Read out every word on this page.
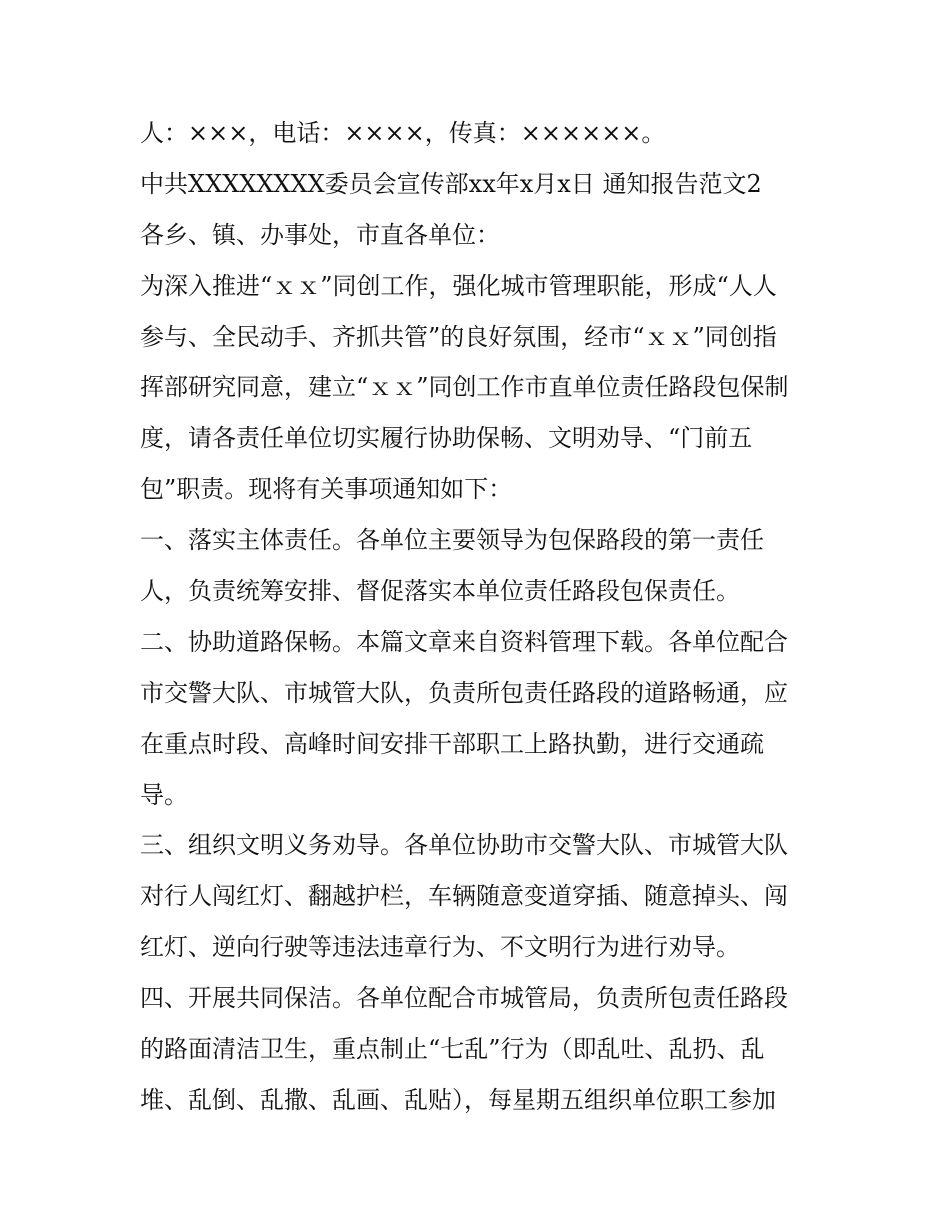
人：×××，电话：××××，传真：××××××。
中共XXXXXXXX委员会宣传部xx年x月x日 通知报告范文2
各乡、镇、办事处，市直各单位：
为深入推进“ｘｘ”同创工作，强化城市管理职能，形成“人人
参与、全民动手、齐抓共管”的良好氛围，经市“ｘｘ”同创指
挥部研究同意，建立“ｘｘ”同创工作市直单位责任路段包保制
度，请各责任单位切实履行协助保畅、文明劝导、“门前五
包”职责。现将有关事项通知如下：
一、落实主体责任。各单位主要领导为包保路段的第一责任
人，负责统筹安排、督促落实本单位责任路段包保责任。
二、协助道路保畅。本篇文章来自资料管理下载。各单位配合
市交警大队、市城管大队，负责所包责任路段的道路畅通，应
在重点时段、高峰时间安排干部职工上路执勤，进行交通疏
导。
三、组织文明义务劝导。各单位协助市交警大队、市城管大队
对行人闯红灯、翻越护栏，车辆随意变道穿插、随意掉头、闯
红灯、逆向行驶等违法违章行为、不文明行为进行劝导。
四、开展共同保洁。各单位配合市城管局，负责所包责任路段
的路面清洁卫生，重点制止“七乱”行为（即乱吐、乱扔、乱
堆、乱倒、乱撒、乱画、乱贴），每星期五组织单位职工参加
